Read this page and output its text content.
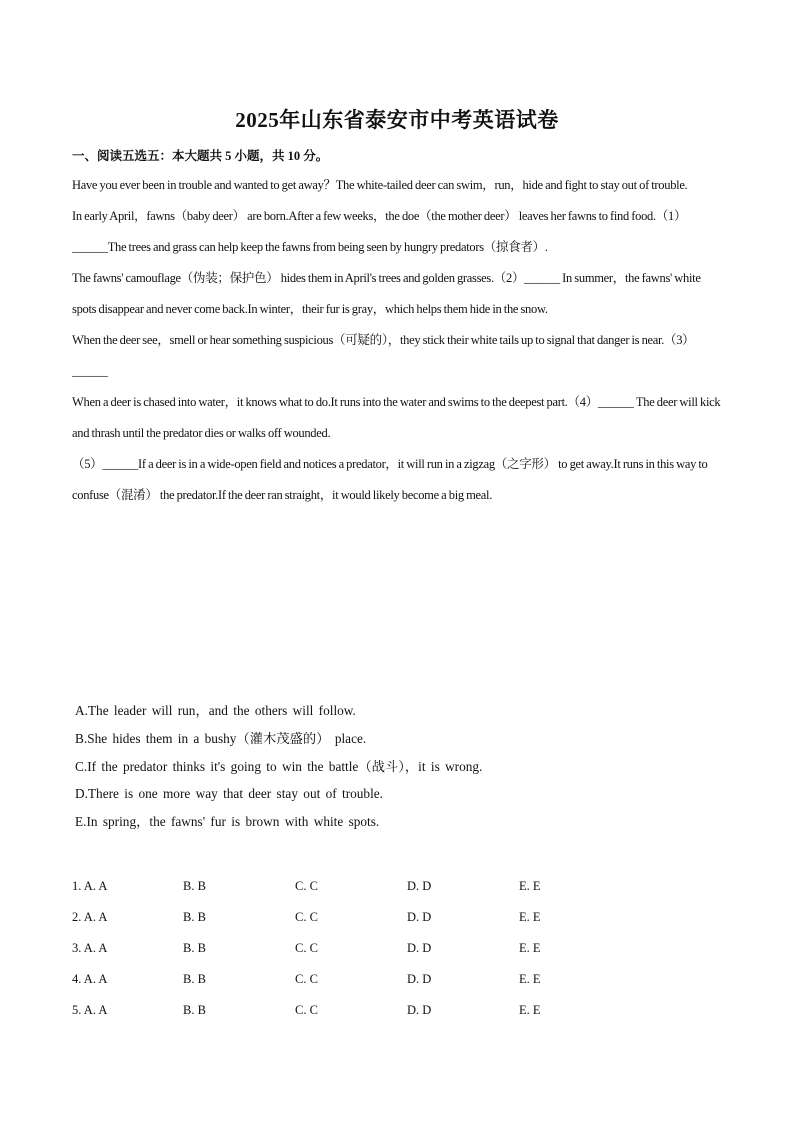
2025年山东省泰安市中考英语试卷

一、阅读五选五：本大题共 5 小题，共 10 分。

Have you ever been in trouble and wanted to get away？The white-tailed deer can swim，run，hide and fight to stay out of trouble.

In early April，fawns（baby deer） are born.After a few weeks，the doe（the mother deer） leaves her fawns to find food.（1）______The trees and grass can help keep the fawns from being seen by hungry predators（掠食者）.

The fawns' camouflage（伪装；保护色） hides them in April's trees and golden grasses.（2）______ In summer，the fawns' white spots disappear and never come back.In winter，their fur is gray，which helps them hide in the snow.

When the deer see，smell or hear something suspicious（可疑的），they stick their white tails up to signal that danger is near.（3）______

When a deer is chased into water，it knows what to do.It runs into the water and swims to the deepest part.（4）______ The deer will kick and thrash until the predator dies or walks off wounded.

（5）______If a deer is in a wide-open field and notices a predator，it will run in a zigzag（之字形） to get away.It runs in this way to confuse（混淆） the predator.If the deer ran straight，it would likely become a big meal.

A.The leader will run，and the others will follow.

B.She hides them in a bushy（灌木茂盛的） place.

C.If the predator thinks it's going to win the battle（战斗），it is wrong.

D.There is one more way that deer stay out of trouble.

E.In spring，the fawns' fur is brown with white spots.

1. A. A	B. B	C. C	D. D	E. E
2. A. A	B. B	C. C	D. D	E. E
3. A. A	B. B	C. C	D. D	E. E
4. A. A	B. B	C. C	D. D	E. E
5. A. A	B. B	C. C	D. D	E. E
